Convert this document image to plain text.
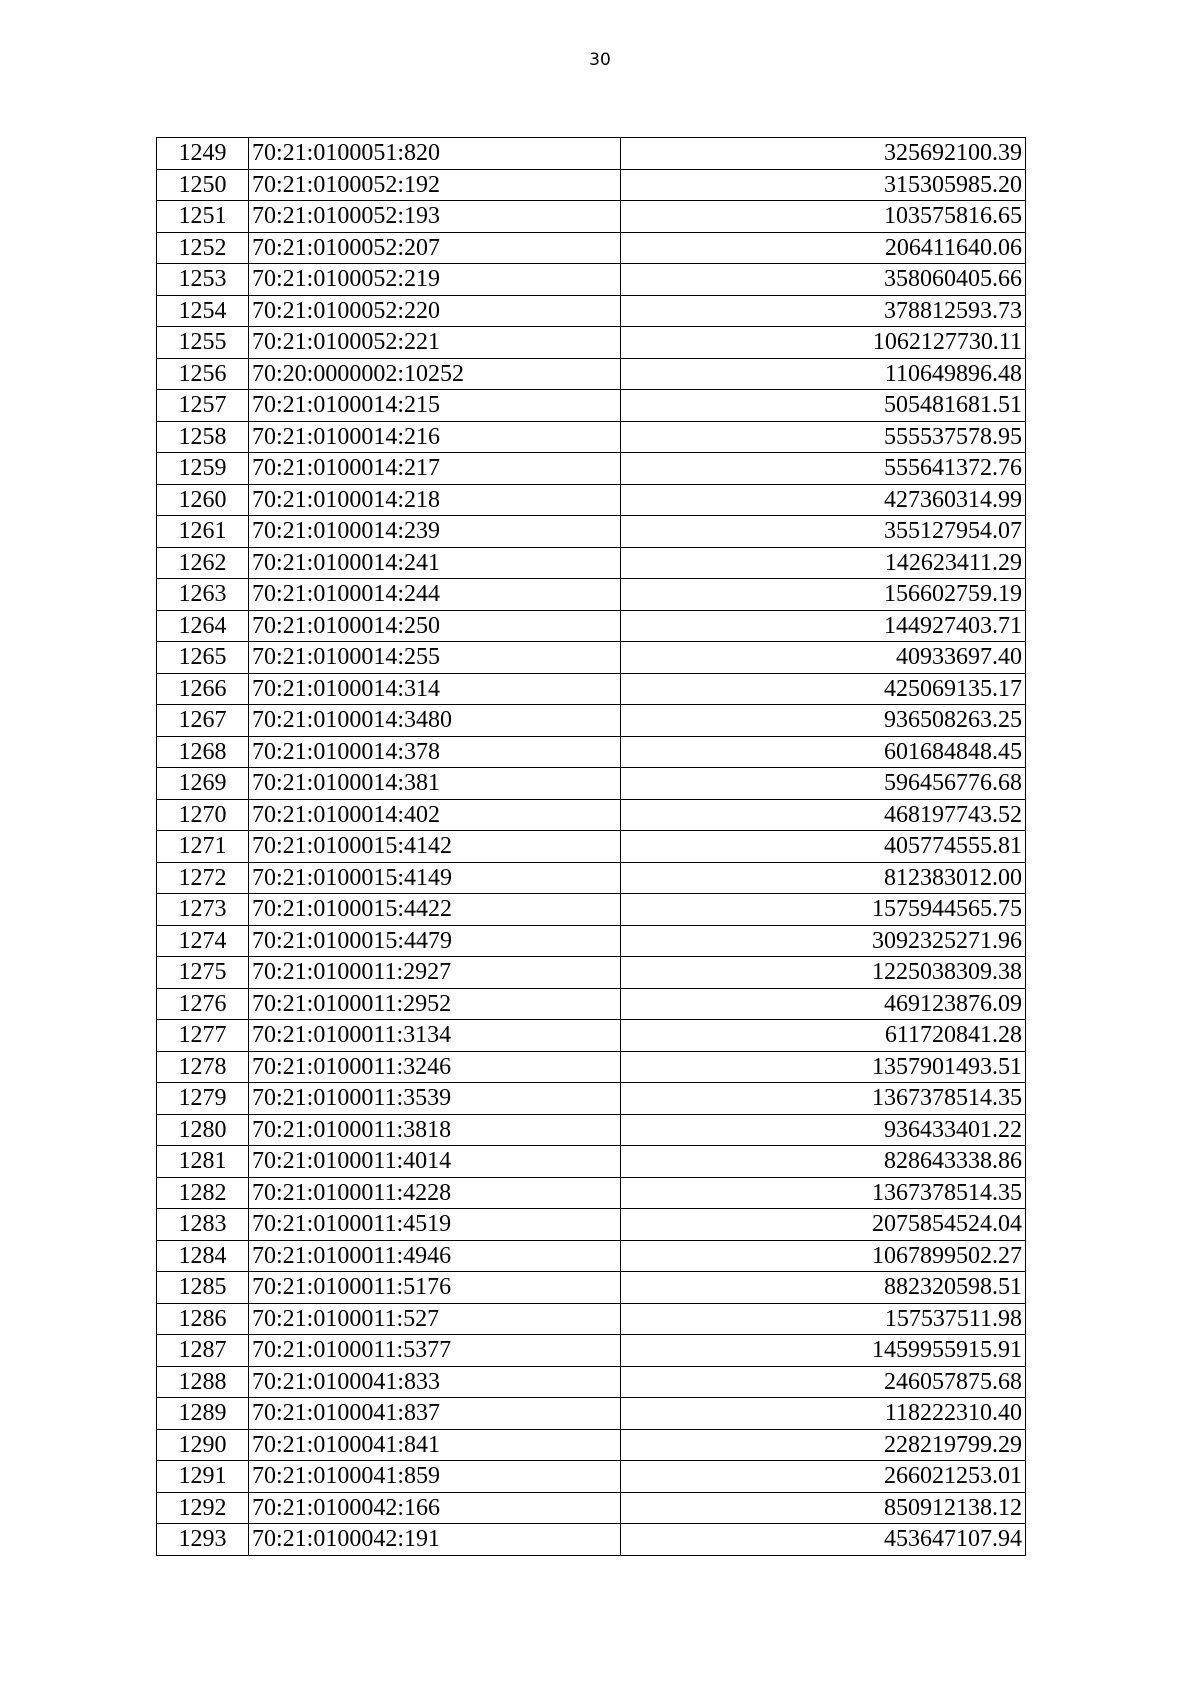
30
1249	70:21:0100051:820	325692100.39
1250	70:21:0100052:192	315305985.20
1251	70:21:0100052:193	103575816.65
1252	70:21:0100052:207	206411640.06
1253	70:21:0100052:219	358060405.66
1254	70:21:0100052:220	378812593.73
1255	70:21:0100052:221	1062127730.11
1256	70:20:0000002:10252	110649896.48
1257	70:21:0100014:215	505481681.51
1258	70:21:0100014:216	555537578.95
1259	70:21:0100014:217	555641372.76
1260	70:21:0100014:218	427360314.99
1261	70:21:0100014:239	355127954.07
1262	70:21:0100014:241	142623411.29
1263	70:21:0100014:244	156602759.19
1264	70:21:0100014:250	144927403.71
1265	70:21:0100014:255	40933697.40
1266	70:21:0100014:314	425069135.17
1267	70:21:0100014:3480	936508263.25
1268	70:21:0100014:378	601684848.45
1269	70:21:0100014:381	596456776.68
1270	70:21:0100014:402	468197743.52
1271	70:21:0100015:4142	405774555.81
1272	70:21:0100015:4149	812383012.00
1273	70:21:0100015:4422	1575944565.75
1274	70:21:0100015:4479	3092325271.96
1275	70:21:0100011:2927	1225038309.38
1276	70:21:0100011:2952	469123876.09
1277	70:21:0100011:3134	611720841.28
1278	70:21:0100011:3246	1357901493.51
1279	70:21:0100011:3539	1367378514.35
1280	70:21:0100011:3818	936433401.22
1281	70:21:0100011:4014	828643338.86
1282	70:21:0100011:4228	1367378514.35
1283	70:21:0100011:4519	2075854524.04
1284	70:21:0100011:4946	1067899502.27
1285	70:21:0100011:5176	882320598.51
1286	70:21:0100011:527	157537511.98
1287	70:21:0100011:5377	1459955915.91
1288	70:21:0100041:833	246057875.68
1289	70:21:0100041:837	118222310.40
1290	70:21:0100041:841	228219799.29
1291	70:21:0100041:859	266021253.01
1292	70:21:0100042:166	850912138.12
1293	70:21:0100042:191	453647107.94
